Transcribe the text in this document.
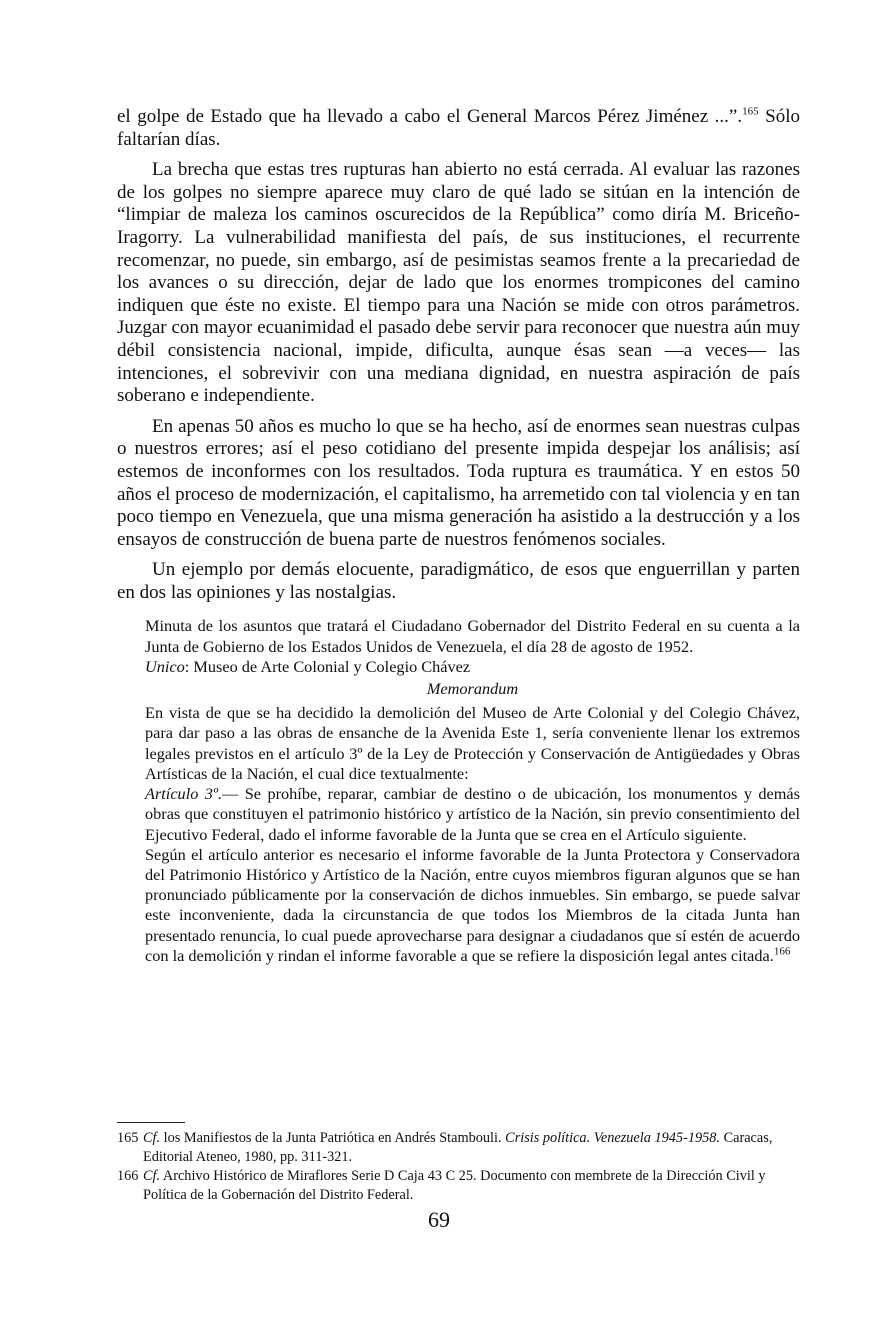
el golpe de Estado que ha llevado a cabo el General Marcos Pérez Jiménez ...”.$^{165}$ Sólo faltarían días.

La brecha que estas tres rupturas han abierto no está cerrada. Al evaluar las razones de los golpes no siempre aparece muy claro de qué lado se sitúan en la intención de “limpiar de maleza los caminos oscurecidos de la República” como diría M. Briceño-Iragorry. La vulnerabilidad manifiesta del país, de sus instituciones, el recurrente recomenzar, no puede, sin embargo, así de pesimistas seamos frente a la precariedad de los avances o su dirección, dejar de lado que los enormes trompicones del camino indiquen que éste no existe. El tiempo para una Nación se mide con otros parámetros. Juzgar con mayor ecuanimidad el pasado debe servir para reconocer que nuestra aún muy débil consistencia nacional, impide, dificulta, aunque ésas sean —a veces— las intenciones, el sobrevivir con una mediana dignidad, en nuestra aspiración de país soberano e independiente.

En apenas 50 años es mucho lo que se ha hecho, así de enormes sean nuestras culpas o nuestros errores; así el peso cotidiano del presente impida despejar los análisis; así estemos de inconformes con los resultados. Toda ruptura es traumática. Y en estos 50 años el proceso de modernización, el capitalismo, ha arremetido con tal violencia y en tan poco tiempo en Venezuela, que una misma generación ha asistido a la destrucción y a los ensayos de construcción de buena parte de nuestros fenómenos sociales.

Un ejemplo por demás elocuente, paradigmático, de esos que enguerrillan y parten en dos las opiniones y las nostalgias.

Minuta de los asuntos que tratará el Ciudadano Gobernador del Distrito Federal en su cuenta a la Junta de Gobierno de los Estados Unidos de Venezuela, el día 28 de agosto de 1952.

Unico: Museo de Arte Colonial y Colegio Chávez

Memorandum

En vista de que se ha decidido la demolición del Museo de Arte Colonial y del Colegio Chávez, para dar paso a las obras de ensanche de la Avenida Este 1, sería conveniente llenar los extremos legales previstos en el artículo 3º de la Ley de Protección y Conservación de Antigüedades y Obras Artísticas de la Nación, el cual dice textualmente:

Artículo 3º.— Se prohíbe, reparar, cambiar de destino o de ubicación, los monumentos y demás obras que constituyen el patrimonio histórico y artístico de la Nación, sin previo consentimiento del Ejecutivo Federal, dado el informe favorable de la Junta que se crea en el Artículo siguiente.

Según el artículo anterior es necesario el informe favorable de la Junta Protectora y Conservadora del Patrimonio Histórico y Artístico de la Nación, entre cuyos miembros figuran algunos que se han pronunciado públicamente por la conservación de dichos inmuebles. Sin embargo, se puede salvar este inconveniente, dada la circunstancia de que todos los Miembros de la citada Junta han presentado renuncia, lo cual puede aprovecharse para designar a ciudadanos que sí estén de acuerdo con la demolición y rindan el informe favorable a que se refiere la disposición legal antes citada.$^{166}$

165 Cf. los Manifiestos de la Junta Patriótica en Andrés Stambouli. Crisis política. Venezuela 1945-1958. Caracas, Editorial Ateneo, 1980, pp. 311-321.
166 Cf. Archivo Histórico de Miraflores Serie D Caja 43 C 25. Documento con membrete de la Dirección Civil y Política de la Gobernación del Distrito Federal.
69
